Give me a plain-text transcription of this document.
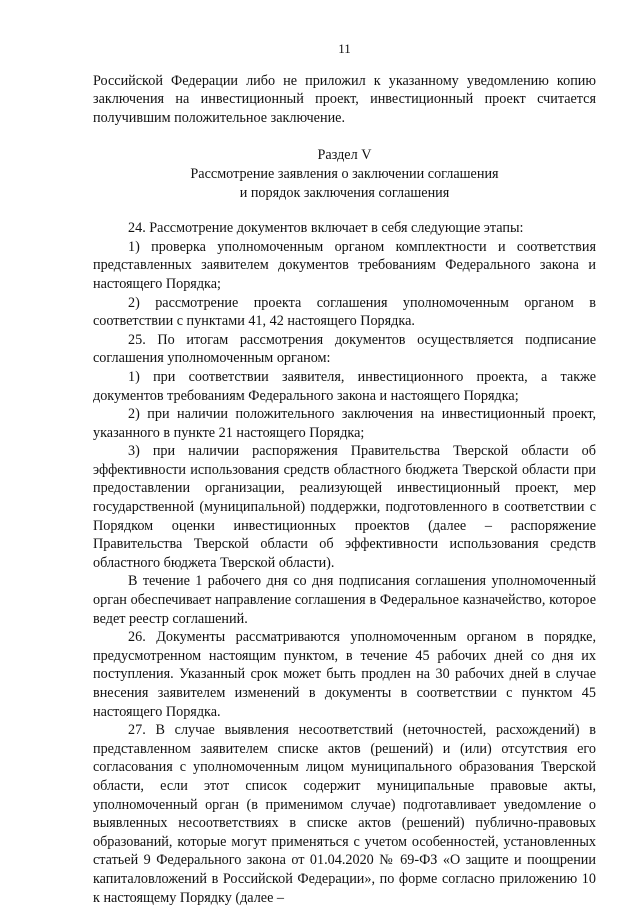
11

Российской Федерации либо не приложил к указанному уведомлению копию заключения на инвестиционный проект, инвестиционный проект считается получившим положительное заключение.

Раздел V

Рассмотрение заявления о заключении соглашения

и порядок заключения соглашения

24. Рассмотрение документов включает в себя следующие этапы:

1) проверка уполномоченным органом комплектности и соответствия представленных заявителем документов требованиям Федерального закона и настоящего Порядка;

2) рассмотрение проекта соглашения уполномоченным органом в соответствии с пунктами 41, 42 настоящего Порядка.

25. По итогам рассмотрения документов осуществляется подписание соглашения уполномоченным органом:

1) при соответствии заявителя, инвестиционного проекта, а также документов требованиям Федерального закона и настоящего Порядка;

2) при наличии положительного заключения на инвестиционный проект, указанного в пункте 21 настоящего Порядка;

3) при наличии распоряжения Правительства Тверской области об эффективности использования средств областного бюджета Тверской области при предоставлении организации, реализующей инвестиционный проект, мер государственной (муниципальной) поддержки, подготовленного в соответствии с Порядком оценки инвестиционных проектов (далее – распоряжение Правительства Тверской области об эффективности использования средств областного бюджета Тверской области).

В течение 1 рабочего дня со дня подписания соглашения уполномоченный орган обеспечивает направление соглашения в Федеральное казначейство, которое ведет реестр соглашений.

26. Документы рассматриваются уполномоченным органом в порядке, предусмотренном настоящим пунктом, в течение 45 рабочих дней со дня их поступления. Указанный срок может быть продлен на 30 рабочих дней в случае внесения заявителем изменений в документы в соответствии с пунктом 45 настоящего Порядка.

27. В случае выявления несоответствий (неточностей, расхождений) в представленном заявителем списке актов (решений) и (или) отсутствия его согласования с уполномоченным лицом муниципального образования Тверской области, если этот список содержит муниципальные правовые акты, уполномоченный орган (в применимом случае) подготавливает уведомление о выявленных несоответствиях в списке актов (решений) публично-правовых образований, которые могут применяться с учетом особенностей, установленных статьей 9 Федерального закона от 01.04.2020 № 69-ФЗ «О защите и поощрении капиталовложений в Российской Федерации», по форме согласно приложению 10 к настоящему Порядку (далее –
